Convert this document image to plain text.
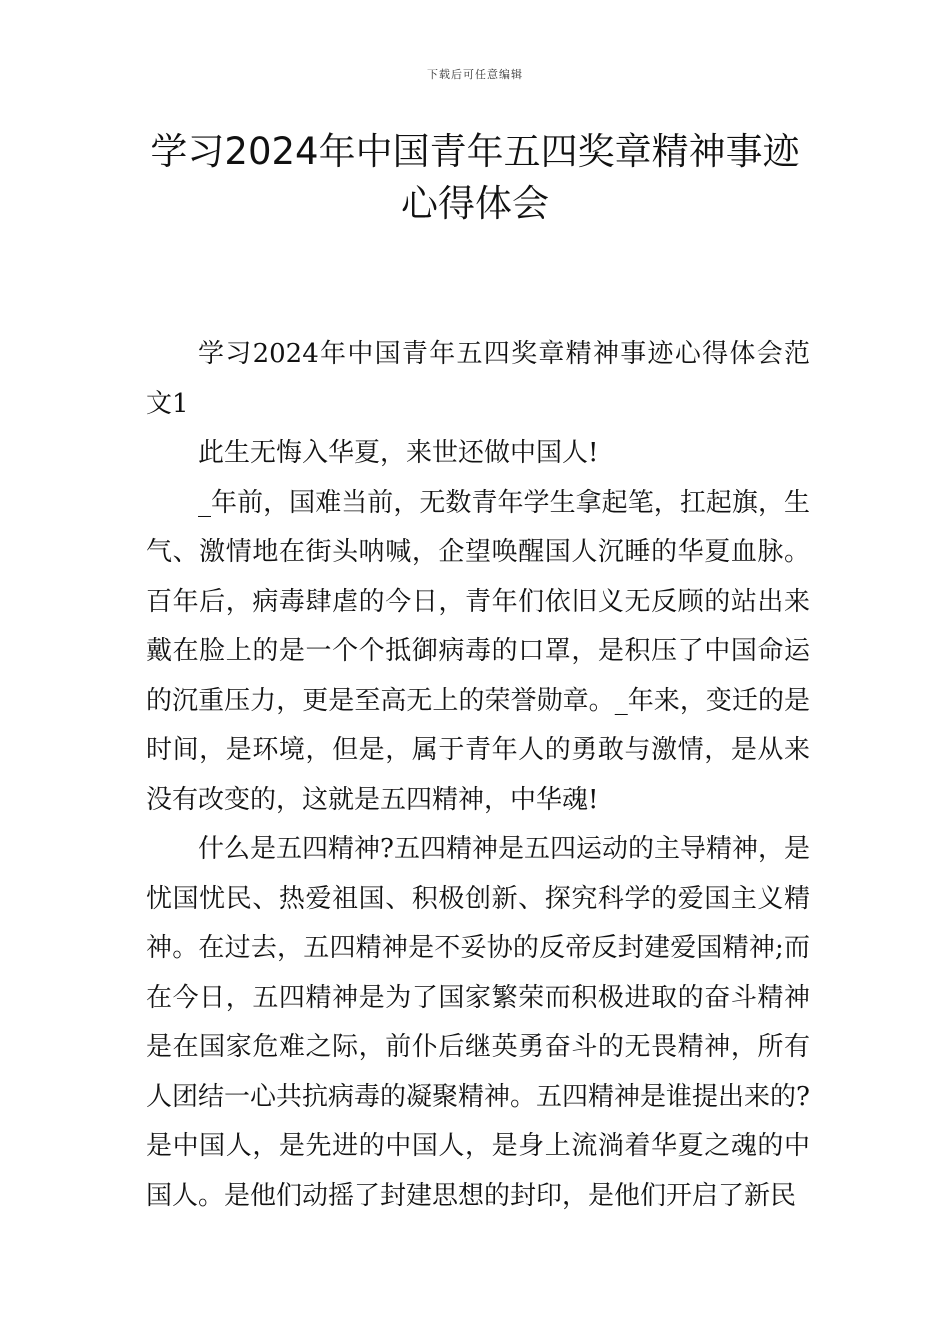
下载后可任意编辑
学习2024年中国青年五四奖章精神事迹心得体会

学习2024年中国青年五四奖章精神事迹心得体会范文1

此生无悔入华夏，来世还做中国人!

_年前，国难当前，无数青年学生拿起笔，扛起旗，生气、激情地在街头呐喊，企望唤醒国人沉睡的华夏血脉。百年后，病毒肆虐的今日，青年们依旧义无反顾的站出来戴在脸上的是一个个抵御病毒的口罩，是积压了中国命运的沉重压力，更是至高无上的荣誉勋章。_年来，变迁的是时间，是环境，但是，属于青年人的勇敢与激情，是从来没有改变的，这就是五四精神，中华魂!

什么是五四精神?五四精神是五四运动的主导精神，是忧国忧民、热爱祖国、积极创新、探究科学的爱国主义精神。在过去，五四精神是不妥协的反帝反封建爱国精神;而在今日，五四精神是为了国家繁荣而积极进取的奋斗精神是在国家危难之际，前仆后继英勇奋斗的无畏精神，所有人团结一心共抗病毒的凝聚精神。五四精神是谁提出来的?是中国人，是先进的中国人，是身上流淌着华夏之魂的中国人。是他们动摇了封建思想的封印，是他们开启了新民
